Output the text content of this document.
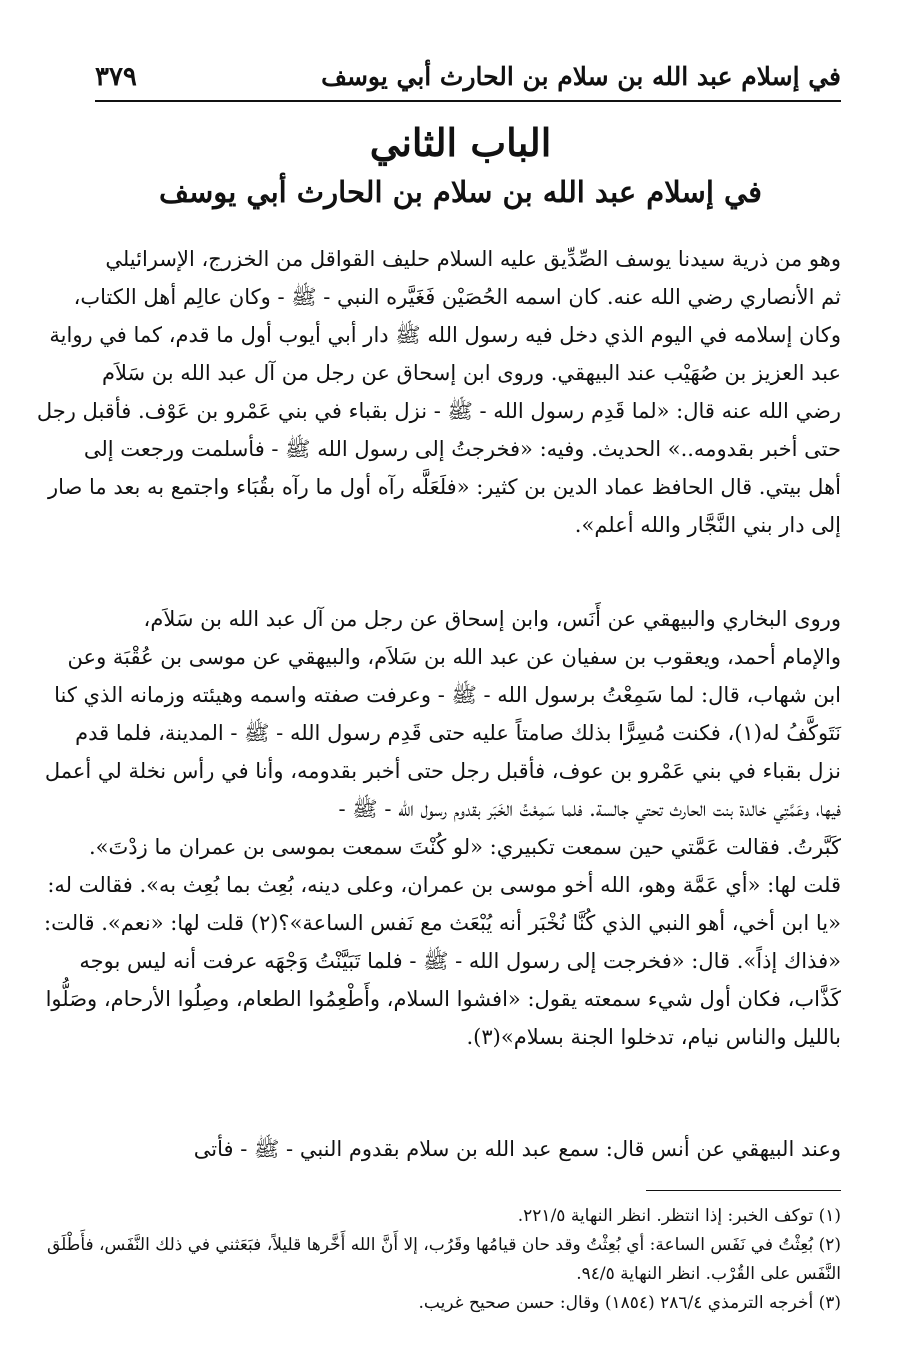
في إسلام عبد الله بن سلام بن الحارث أبي يوسف
٣٧٩
الباب الثاني
في إسلام عبد الله بن سلام بن الحارث أبي يوسف
وهو من ذرية سيدنا يوسف الصِّدِّيق عليه السلام حليف القواقل من الخزرج، الإسرائيلي
ثم الأنصاري رضي الله عنه. كان اسمه الحُصَيْن فَغَيَّره النبي - ﷺ - وكان عالِم أهل الكتاب،
وكان إسلامه في اليوم الذي دخل فيه رسول الله ﷺ دار أبي أيوب أول ما قدم، كما في رواية
عبد العزيز بن صُهَيْب عند البيهقي. وروى ابن إسحاق عن رجل من آل عبد الله بن سَلاَم
رضي الله عنه قال: «لما قَدِم رسول الله - ﷺ - نزل بقباء في بني عَمْرو بن عَوْف. فأقبل رجل
حتى أخبر بقدومه..» الحديث. وفيه: «فخرجتُ إلى رسول الله ﷺ - فأسلمت ورجعت إلى
أهل بيتي. قال الحافظ عماد الدين بن كثير: «فلَعَلَّه رآه أول ما رآه بقُبَاء واجتمع به بعد ما صار
إلى دار بني النَّجَّار والله أعلم».
وروى البخاري والبيهقي عن أَنَس، وابن إسحاق عن رجل من آل عبد الله بن سَلاَم،
والإمام أحمد، ويعقوب بن سفيان عن عبد الله بن سَلاَم، والبيهقي عن موسى بن عُقْبَة وعن
ابن شهاب، قال: لما سَمِعْتُ برسول الله - ﷺ - وعرفت صفته واسمه وهيئته وزمانه الذي كنا
نَتَوكَّفُ له(١)، فكنت مُسِرًّا بذلك صامتاً عليه حتى قَدِم رسول الله - ﷺ - المدينة، فلما قدم
نزل بقباء في بني عَمْرو بن عوف، فأقبل رجل حتى أخبر بقدومه، وأنا في رأس نخلة لي أعمل
فيها، وعَمَّتِي خالدة بنت الحارث تحتي جالسة. فلما سَمِعْتُ الخَبَر بقدوم رسول الله - ﷺ -
كَبَّرتُ. فقالت عَمَّتي حين سمعت تكبيري: «لو كُنْتَ سمعت بموسى بن عمران ما زدْتَ».
قلت لها: «أي عَمَّة وهو، الله أخو موسى بن عمران، وعلى دينه، بُعِث بما بُعِث به». فقالت له:
«يا ابن أخي، أهو النبي الذي كُنَّا نُخْبَر أنه يُبْعَث مع نَفس الساعة»؟(٢) قلت لها: «نعم». قالت:
«فذاك إذاً». قال: «فخرجت إلى رسول الله - ﷺ - فلما تَبَيَّنْتُ وَجْهَه عرفت أنه ليس بوجه
كَذَّاب، فكان أول شيء سمعته يقول: «افشوا السلام، وأَطْعِمُوا الطعام، وصِلُوا الأرحام، وصَلُّوا
بالليل والناس نيام، تدخلوا الجنة بسلام»(٣).
وعند البيهقي عن أنس قال: سمع عبد الله بن سلام بقدوم النبي - ﷺ - فأتى
(١) توكف الخبر: إذا انتظر. انظر النهاية ٢٢١/٥.
(٢) بُعِثْتُ في نَفَس الساعة: أي بُعِثْتُ وقد حان قيامُها وقَرُب، إلا أَنَّ الله أَخَّرها قليلاً، فبَعَثني في ذلك النَّفَس، فأَطْلَق
النَّفَس على القُرْب. انظر النهاية ٩٤/٥.
(٣) أخرجه الترمذي ٢٨٦/٤ (١٨٥٤) وقال: حسن صحيح غريب.
